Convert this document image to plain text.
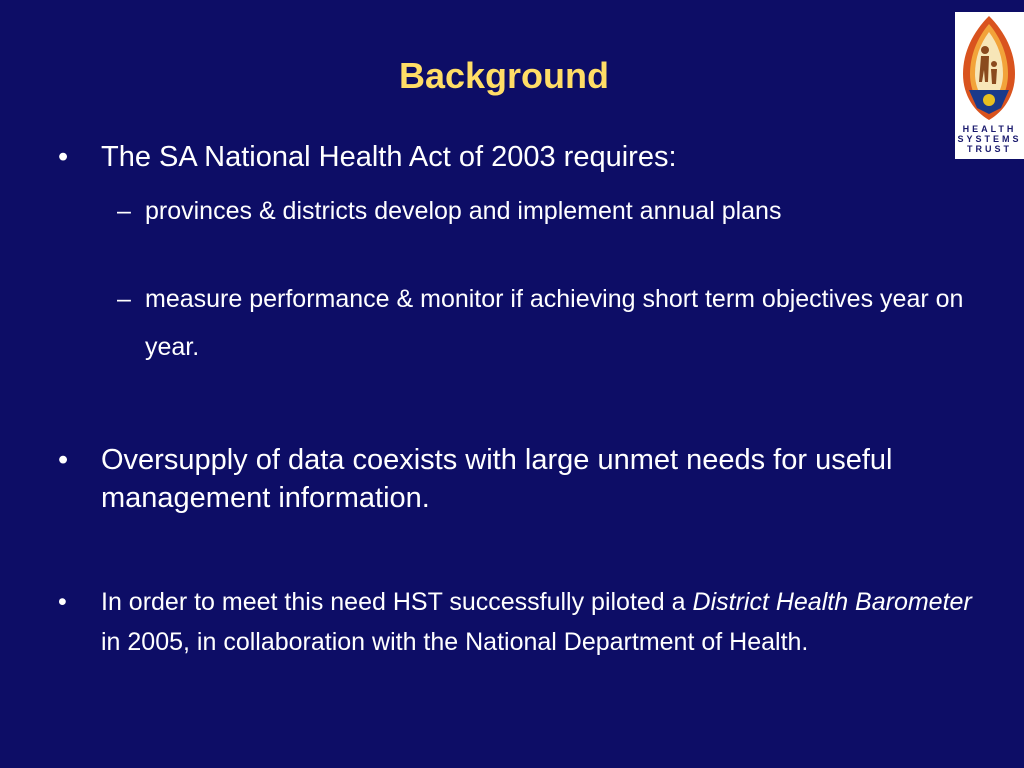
Background
HEALTH
SYSTEMS
TRUST
• The SA National Health Act of 2003 requires:
– provinces & districts develop and implement annual plans
– measure performance & monitor if achieving short term objectives year on year.
• Oversupply of data coexists with large unmet needs for useful management information.
• In order to meet this need HST successfully piloted a District Health Barometer in 2005, in collaboration with the National Department of Health.
